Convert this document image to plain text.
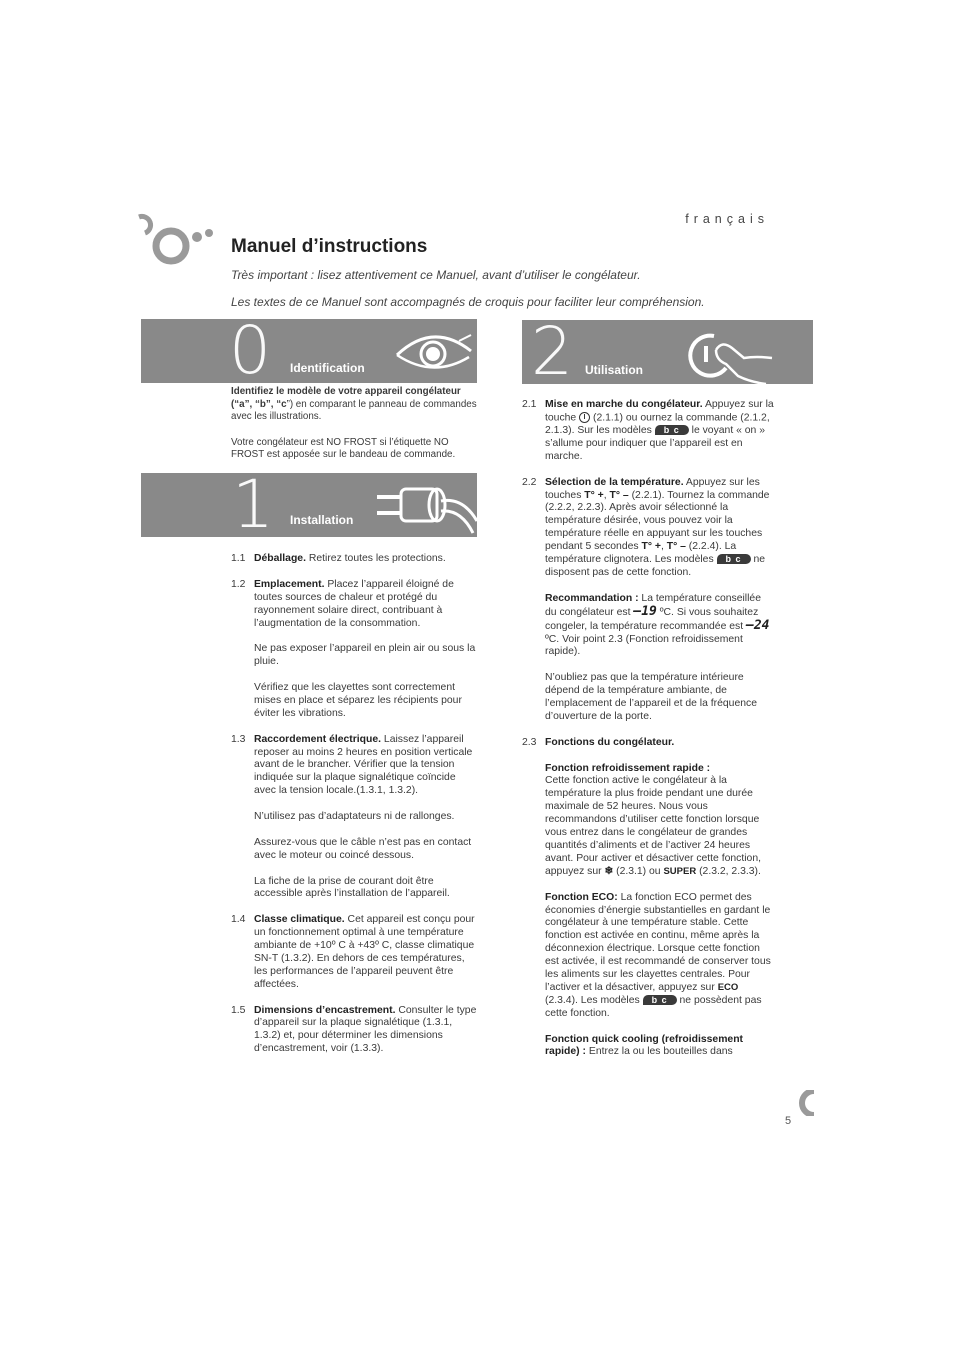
français
Manuel d’instructions

Très important : lisez attentivement ce Manuel, avant d’utiliser le congélateur.

Les textes de ce Manuel sont accompagnés de croquis pour faciliter leur compréhension.

0 Identification

Identifiez le modèle de votre appareil congélateur (“a”, “b”, “c”) en comparant le panneau de commandes avec les illustrations.

Votre congélateur est NO FROST si l’étiquette NO FROST est apposée sur le bandeau de commande.

1 Installation
1.1 Déballage. Retirez toutes les protections.
1.2 Emplacement. Placez l’appareil éloigné de toutes sources de chaleur et protégé du rayonnement solaire direct, contribuant à l’augmentation de la consommation.

Ne pas exposer l’appareil en plein air ou sous la pluie.

Vérifiez que les clayettes sont correctement mises en place et séparez les récipients pour éviter les vibrations.

1.3 Raccordement électrique. Laissez l’appareil reposer au moins 2 heures en position verticale avant de le brancher. Vérifier que la tension indiquée sur la plaque signalétique coïncide avec la tension locale.(1.3.1, 1.3.2).

N’utilisez pas d’adaptateurs ni de rallonges.

Assurez-vous que le câble n’est pas en contact avec le moteur ou coincé dessous.

La fiche de la prise de courant doit être accessible après l’installation de l’appareil.

1.4 Classe climatique. Cet appareil est conçu pour un fonctionnement optimal à une température ambiante de +10º C à +43º C, classe climatique SN-T (1.3.2). En dehors de ces températures, les performances de l’appareil peuvent être affectées.
1.5 Dimensions d’encastrement. Consulter le type d’appareil sur la plaque signalétique (1.3.1, 1.3.2) et, pour déterminer les dimensions d’encastrement, voir (1.3.3).
2 Utilisation
2.1 Mise en marche du congélateur. Appuyez sur la touche  (2.1.1) ou ournez la commande (2.1.2, 2.1.3). Sur les modèles b c le voyant « on » s’allume pour indiquer que l’appareil est en marche.
2.2 Sélection de la température. Appuyez sur les touches T° +, T° – (2.2.1). Tournez la commande (2.2.2, 2.2.3). Après avoir sélectionné la température désirée, vous pouvez voir la température réelle en appuyant sur les touches pendant 5 secondes T° +, T° – (2.2.4). La température clignotera. Les modèles b c ne disposent pas de cette fonction.

Recommandation : La température conseillée du congélateur est –19 ºC. Si vous souhaitez congeler, la température recommandée est –24 ºC. Voir point 2.3 (Fonction refroidissement rapide).

N’oubliez pas que la température intérieure dépend de la température ambiante, de l’emplacement de l’appareil et de la fréquence d’ouverture de la porte.

2.3 Fonctions du congélateur.

Fonction refroidissement rapide :

Cette fonction active le congélateur à la température la plus froide pendant une durée maximale de 52 heures. Nous vous recommandons d’utiliser cette fonction lorsque vous entrez dans le congélateur de grandes quantités d’aliments et de l’activer 24 heures avant. Pour activer et désactiver cette fonction, appuyez sur ❄ (2.3.1) ou SUPER (2.3.2, 2.3.3).

Fonction ECO: La fonction ECO permet des économies d’énergie substantielles en gardant le congélateur à une température stable. Cette fonction est activée en continu, même après la déconnexion électrique. Lorsque cette fonction est activée, il est recommandé de conserver tous les aliments sur les clayettes centrales. Pour l’activer et la désactiver, appuyez sur ECO (2.3.4). Les modèles b c ne possèdent pas cette fonction.

Fonction quick cooling (refroidissement rapide) : Entrez la ou les bouteilles dans

5
